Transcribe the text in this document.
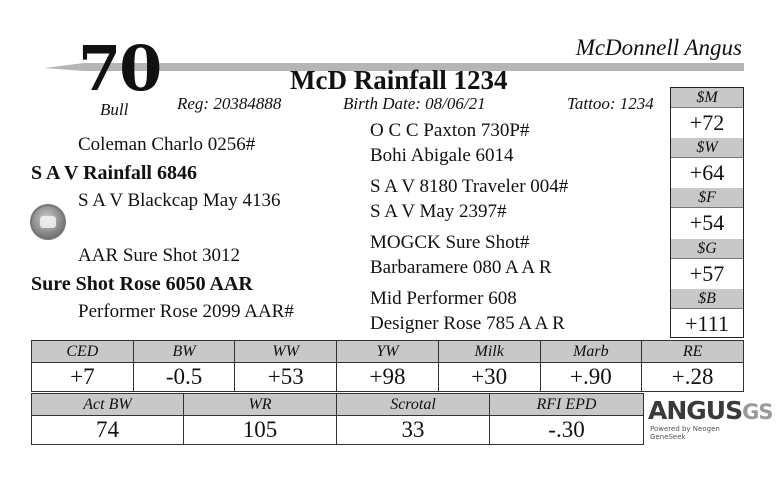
70	McDonnell Angus
McD Rainfall 1234
Bull	Reg: 20384888	Birth Date: 08/06/21	Tattoo: 1234
Coleman Charlo 0256#
S A V Rainfall 6846
S A V Blackcap May 4136
AAR Sure Shot 3012
Sure Shot Rose 6050 AAR
Performer Rose 2099 AAR#
O C C Paxton 730P#
Bohi Abigale 6014
S A V 8180 Traveler 004#
S A V May 2397#
MOGCK Sure Shot#
Barbaramere 080 A A R
Mid Performer 608
Designer Rose 785 A A R
$M
+72
$W
+64
$F
+54
$G
+57
$B
+111
CED	BW	WW	YW	Milk	Marb	RE
+7	-0.5	+53	+98	+30	+.90	+.28
Act BW	WR	Scrotal	RFI EPD
74	105	33	-.30
ANGUSGS
Powered by Neogen GeneSeek
